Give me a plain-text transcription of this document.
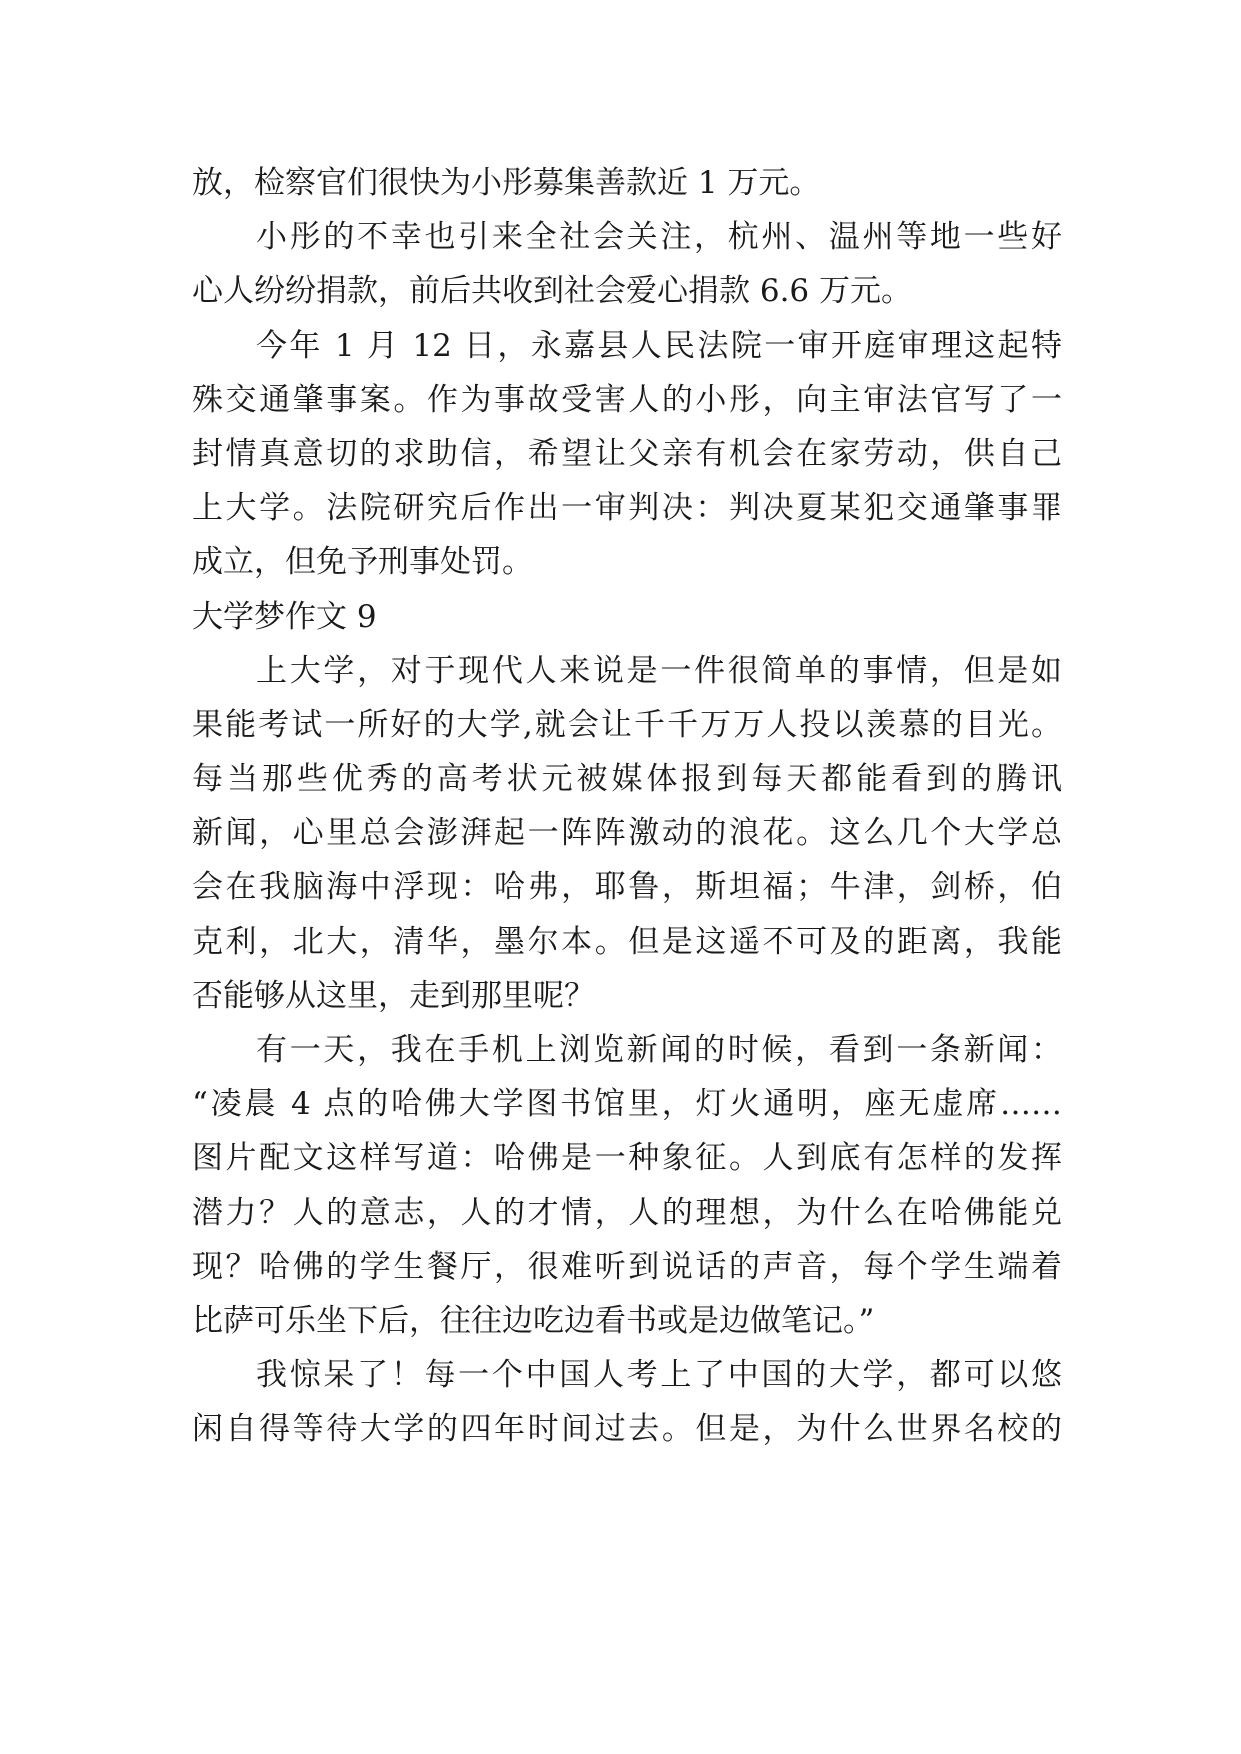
放，检察官们很快为小彤募集善款近 1 万元。
小彤的不幸也引来全社会关注，杭州、温州等地一些好
心人纷纷捐款，前后共收到社会爱心捐款 6.6 万元。
今年 1 月 12 日，永嘉县人民法院一审开庭审理这起特
殊交通肇事案。作为事故受害人的小彤，向主审法官写了一
封情真意切的求助信，希望让父亲有机会在家劳动，供自己
上大学。法院研究后作出一审判决：判决夏某犯交通肇事罪
成立，但免予刑事处罚。
大学梦作文 9
上大学，对于现代人来说是一件很简单的事情，但是如
果能考试一所好的大学,就会让千千万万人投以羡慕的目光。
每当那些优秀的高考状元被媒体报到每天都能看到的腾讯
新闻，心里总会澎湃起一阵阵激动的浪花。这么几个大学总
会在我脑海中浮现：哈弗，耶鲁，斯坦福；牛津，剑桥，伯
克利，北大，清华，墨尔本。但是这遥不可及的距离，我能
否能够从这里，走到那里呢？
有一天，我在手机上浏览新闻的时候，看到一条新闻：
“凌晨 4 点的哈佛大学图书馆里，灯火通明，座无虚席……
图片配文这样写道：哈佛是一种象征。人到底有怎样的发挥
潜力？人的意志，人的才情，人的理想，为什么在哈佛能兑
现？哈佛的学生餐厅，很难听到说话的声音，每个学生端着
比萨可乐坐下后，往往边吃边看书或是边做笔记。”
我惊呆了！每一个中国人考上了中国的大学，都可以悠
闲自得等待大学的四年时间过去。但是，为什么世界名校的
